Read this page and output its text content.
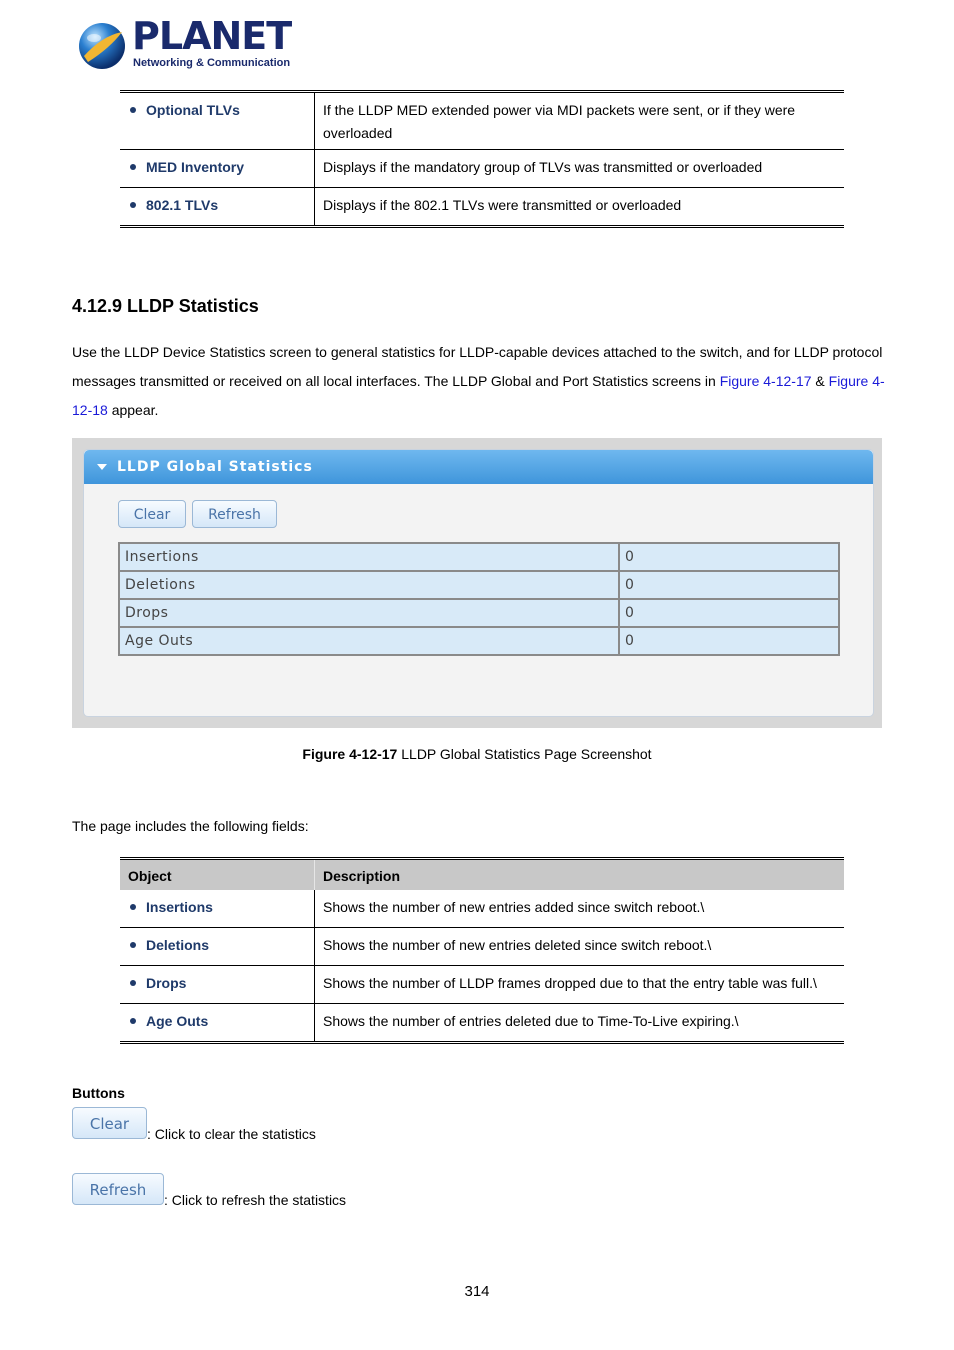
PLANET
Networking & Communication
Optional TLVs	If the LLDP MED extended power via MDI packets were sent, or if they were overloaded
MED Inventory	Displays if the mandatory group of TLVs was transmitted or overloaded
802.1 TLVs	Displays if the 802.1 TLVs were transmitted or overloaded
4.12.9 LLDP Statistics
Use the LLDP Device Statistics screen to general statistics for LLDP-capable devices attached to the switch, and for LLDP protocol messages transmitted or received on all local interfaces. The LLDP Global and Port Statistics screens in Figure 4-12-17 & Figure 4-12-18 appear.
LLDP Global Statistics
Clear	Refresh
Insertions	0
Deletions	0
Drops	0
Age Outs	0
Figure 4-12-17 LLDP Global Statistics Page Screenshot
The page includes the following fields:
Object	Description
Insertions	Shows the number of new entries added since switch reboot.\
Deletions	Shows the number of new entries deleted since switch reboot.\
Drops	Shows the number of LLDP frames dropped due to that the entry table was full.\
Age Outs	Shows the number of entries deleted due to Time-To-Live expiring.\
Buttons
Clear
: Click to clear the statistics
Refresh
: Click to refresh the statistics
314
